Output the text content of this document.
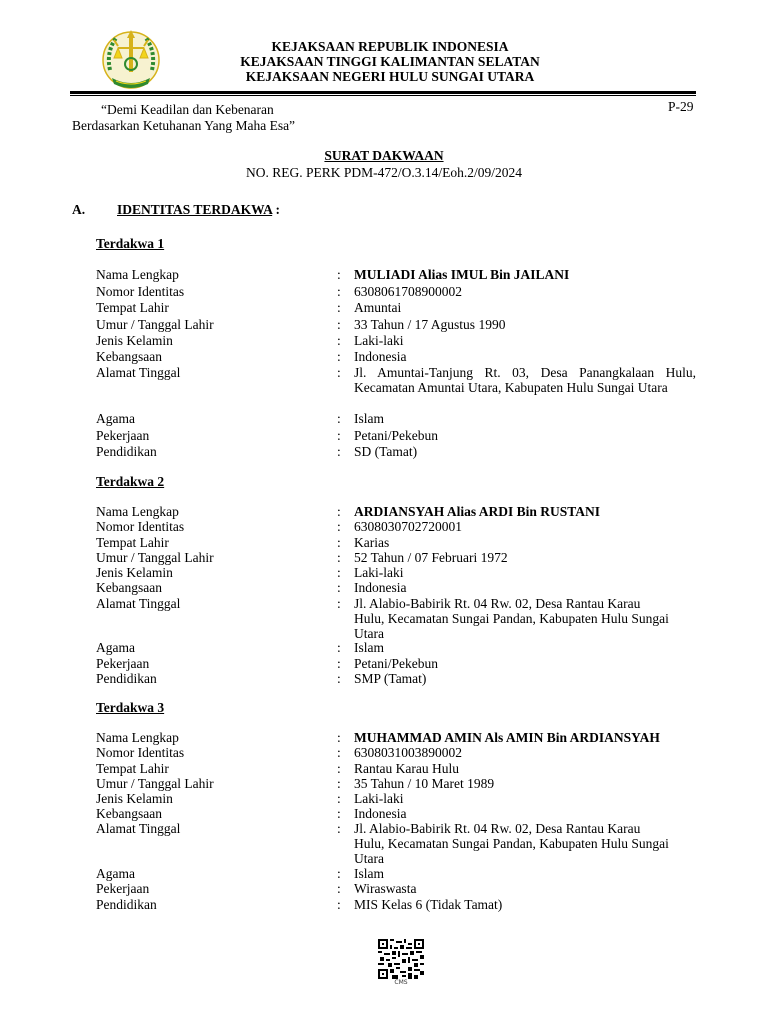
KEJAKSAAN REPUBLIK INDONESIA
KEJAKSAAN TINGGI KALIMANTAN SELATAN
KEJAKSAAN NEGERI HULU SUNGAI UTARA
“Demi Keadilan dan Kebenaran
Berdasarkan Ketuhanan Yang Maha Esa”
P-29
SURAT DAKWAAN
NO. REG. PERK PDM-472/O.3.14/Eoh.2/09/2024
A. IDENTITAS TERDAKWA :
Terdakwa 1
Nama Lengkap	: MULIADI Alias IMUL Bin JAILANI
Nomor Identitas	: 6308061708900002
Tempat Lahir	: Amuntai
Umur / Tanggal Lahir	: 33 Tahun / 17 Agustus 1990
Jenis Kelamin	: Laki-laki
Kebangsaan	: Indonesia
Alamat Tinggal	: Jl. Amuntai-Tanjung Rt. 03, Desa Panangkalaan Hulu, Kecamatan Amuntai Utara, Kabupaten Hulu Sungai Utara
Agama	: Islam
Pekerjaan	: Petani/Pekebun
Pendidikan	: SD (Tamat)
Terdakwa 2
Nama Lengkap	: ARDIANSYAH Alias ARDI Bin RUSTANI
Nomor Identitas	: 6308030702720001
Tempat Lahir	: Karias
Umur / Tanggal Lahir	: 52 Tahun / 07 Februari 1972
Jenis Kelamin	: Laki-laki
Kebangsaan	: Indonesia
Alamat Tinggal	: Jl. Alabio-Babirik Rt. 04 Rw. 02, Desa Rantau Karau Hulu, Kecamatan Sungai Pandan, Kabupaten Hulu Sungai Utara
Agama	: Islam
Pekerjaan	: Petani/Pekebun
Pendidikan	: SMP (Tamat)
Terdakwa 3
Nama Lengkap	: MUHAMMAD AMIN Als AMIN Bin ARDIANSYAH
Nomor Identitas	: 6308031003890002
Tempat Lahir	: Rantau Karau Hulu
Umur / Tanggal Lahir	: 35 Tahun / 10 Maret 1989
Jenis Kelamin	: Laki-laki
Kebangsaan	: Indonesia
Alamat Tinggal	: Jl. Alabio-Babirik Rt. 04 Rw. 02, Desa Rantau Karau Hulu, Kecamatan Sungai Pandan, Kabupaten Hulu Sungai Utara
Agama	: Islam
Pekerjaan	: Wiraswasta
Pendidikan	: MIS Kelas 6 (Tidak Tamat)
CMS
